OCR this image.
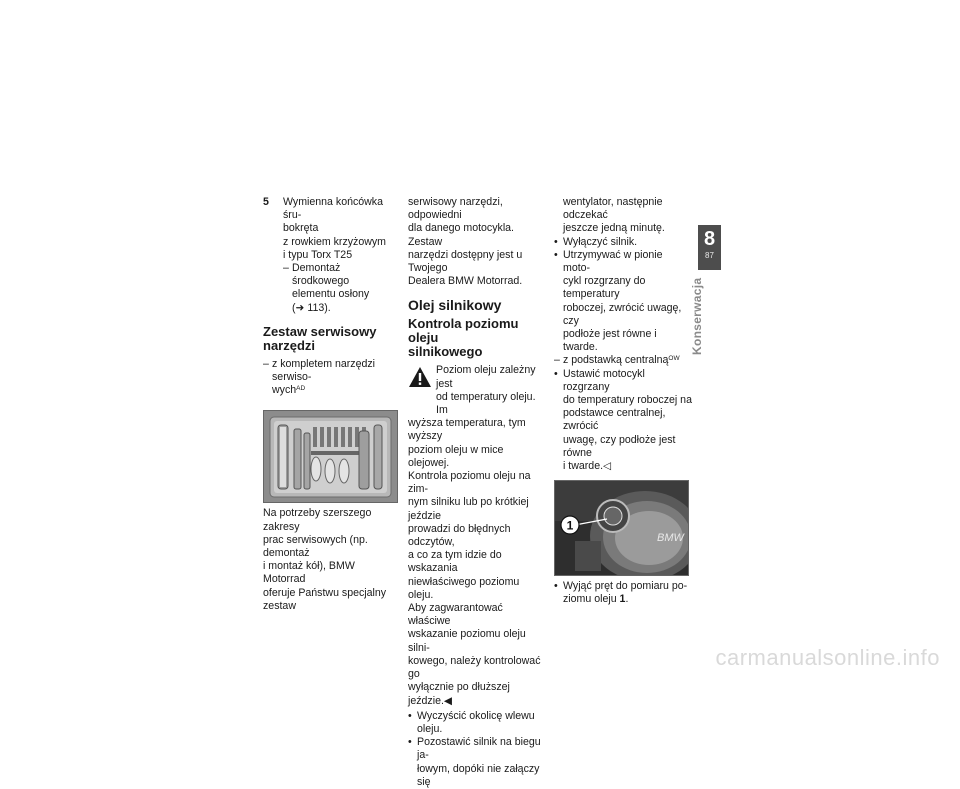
5 Wymienna końcówka śru-

bokręta

z rowkiem krzyżowym

i typu Torx T25

– Demontaż środkowego

elementu osłony

(➜ 113).

Zestaw serwisowy
narzędzi

– z kompletem narzędzi serwiso-

wych$^{AD}$

Na potrzeby szerszego zakresy

prac serwisowych (np. demontaż

i montaż kół), BMW Motorrad

oferuje Państwu specjalny zestaw

serwisowy narzędzi, odpowiedni

dla danego motocykla. Zestaw

narzędzi dostępny jest u Twojego

Dealera BMW Motorrad.

Olej silnikowy
Kontrola poziomu oleju
silnikowego

Poziom oleju zależny jest

od temperatury oleju. Im

wyższa temperatura, tym wyższy

poziom oleju w mice olejowej.

Kontrola poziomu oleju na zim-

nym silniku lub po krótkiej jeździe

prowadzi do błędnych odczytów,

a co za tym idzie do wskazania

niewłaściwego poziomu oleju.

Aby zagwarantować właściwe

wskazanie poziomu oleju silni-

kowego, należy kontrolować go

wyłącznie po dłuższej jeździe.◀

• Wyczyścić okolicę wlewu oleju.

• Pozostawić silnik na biegu ja-

łowym, dopóki nie załączy się

wentylator, następnie odczekać

jeszcze jedną minutę.

• Wyłączyć silnik.

• Utrzymywać w pionie moto-

cykl rozgrzany do temperatury

roboczej, zwrócić uwagę, czy

podłoże jest równe i twarde.

– z podstawką centralną$^{OW}$

• Ustawić motocykl rozgrzany

do temperatury roboczej na

podstawce centralnej, zwrócić

uwagę, czy podłoże jest równe

i twarde.◁

1
BMW

• Wyjąć pręt do pomiaru po-

ziomu oleju 1.

8
87
Konserwacja
carmanualsonline.info
